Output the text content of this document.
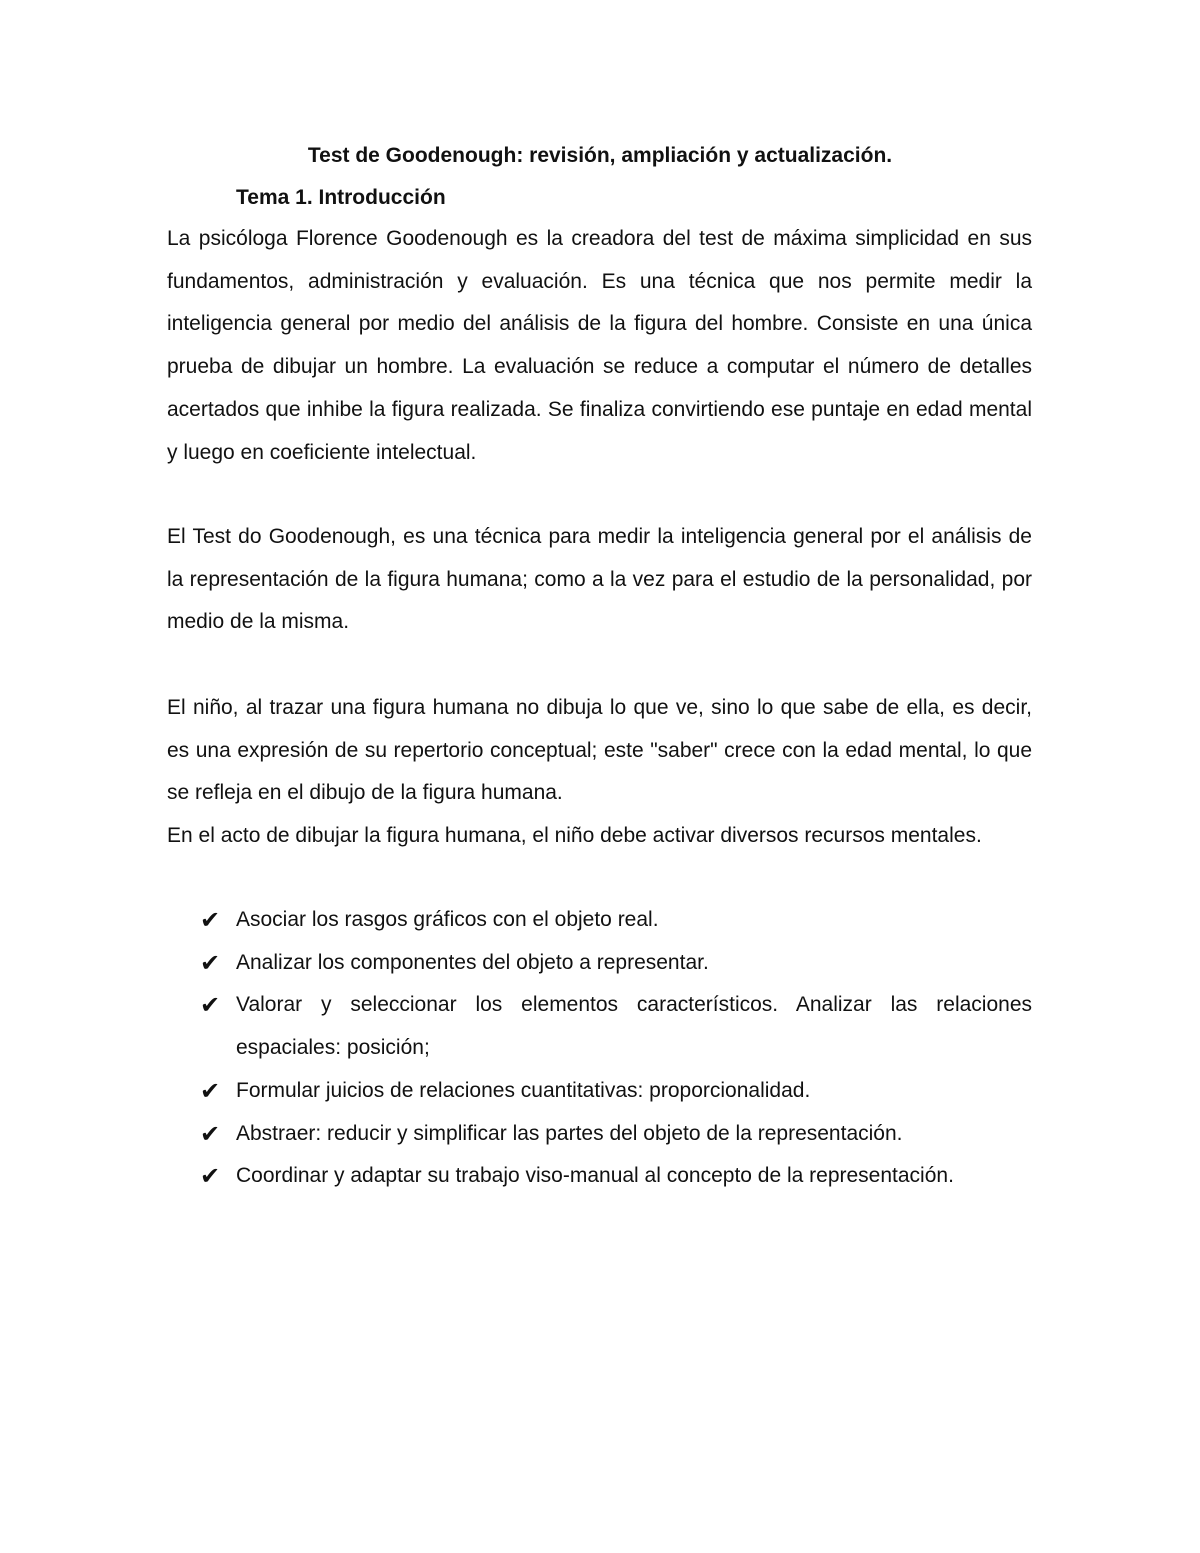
Test de Goodenough: revisión, ampliación y actualización.
Tema 1. Introducción

La psicóloga Florence Goodenough es la creadora del test de máxima simplicidad en sus fundamentos, administración y evaluación. Es una técnica que nos permite medir la inteligencia general por medio del análisis de la figura del hombre. Consiste en una única prueba de dibujar un hombre. La evaluación se reduce a computar el número de detalles acertados que inhibe la figura realizada. Se finaliza convirtiendo ese puntaje en edad mental y luego en coeficiente intelectual.

El Test do Goodenough, es una técnica para medir la inteligencia general por el análisis de la representación de la figura humana; como a la vez para el estudio de la personalidad, por medio de la misma.

El niño, al trazar una figura humana no dibuja lo que ve, sino lo que sabe de ella, es decir, es una expresión de su repertorio conceptual; este "saber" crece con la edad mental, lo que se refleja en el dibujo de la figura humana.

En el acto de dibujar la figura humana, el niño debe activar diversos recursos mentales.

✔ Asociar los rasgos gráficos con el objeto real.
✔ Analizar los componentes del objeto a representar.
✔ Valorar y seleccionar los elementos característicos. Analizar las relaciones espaciales: posición;
✔ Formular juicios de relaciones cuantitativas: proporcionalidad.
✔ Abstraer: reducir y simplificar las partes del objeto de la representación.
✔ Coordinar y adaptar su trabajo viso-manual al concepto de la representación.
